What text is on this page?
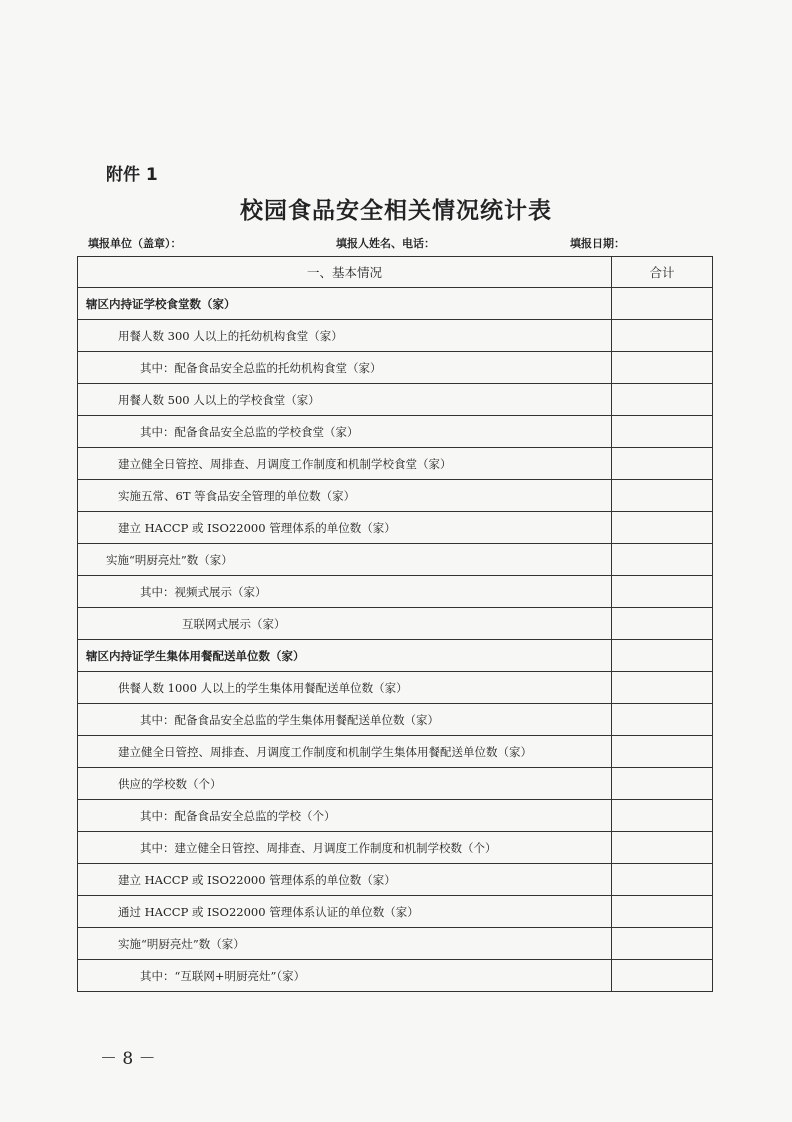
附件 1
校园食品安全相关情况统计表
填报单位（盖章）：	填报人姓名、电话：	填报日期：
一、基本情况	合计
辖区内持证学校食堂数（家）	
用餐人数 300 人以上的托幼机构食堂（家）	
其中：配备食品安全总监的托幼机构食堂（家）	
用餐人数 500 人以上的学校食堂（家）	
其中：配备食品安全总监的学校食堂（家）	
建立健全日管控、周排查、月调度工作制度和机制学校食堂（家）	
实施五常、6T 等食品安全管理的单位数（家）	
建立 HACCP 或 ISO22000 管理体系的单位数（家）	
实施“明厨亮灶”数（家）	
其中：视频式展示（家）	
互联网式展示（家）	
辖区内持证学生集体用餐配送单位数（家）	
供餐人数 1000 人以上的学生集体用餐配送单位数（家）	
其中：配备食品安全总监的学生集体用餐配送单位数（家）	
建立健全日管控、周排查、月调度工作制度和机制学生集体用餐配送单位数（家）	
供应的学校数（个）	
其中：配备食品安全总监的学校（个）	
其中：建立健全日管控、周排查、月调度工作制度和机制学校数（个）	
建立 HACCP 或 ISO22000 管理体系的单位数（家）	
通过 HACCP 或 ISO22000 管理体系认证的单位数（家）	
实施“明厨亮灶”数（家）	
其中：“互联网+明厨亮灶”（家）	
－ 8 －
